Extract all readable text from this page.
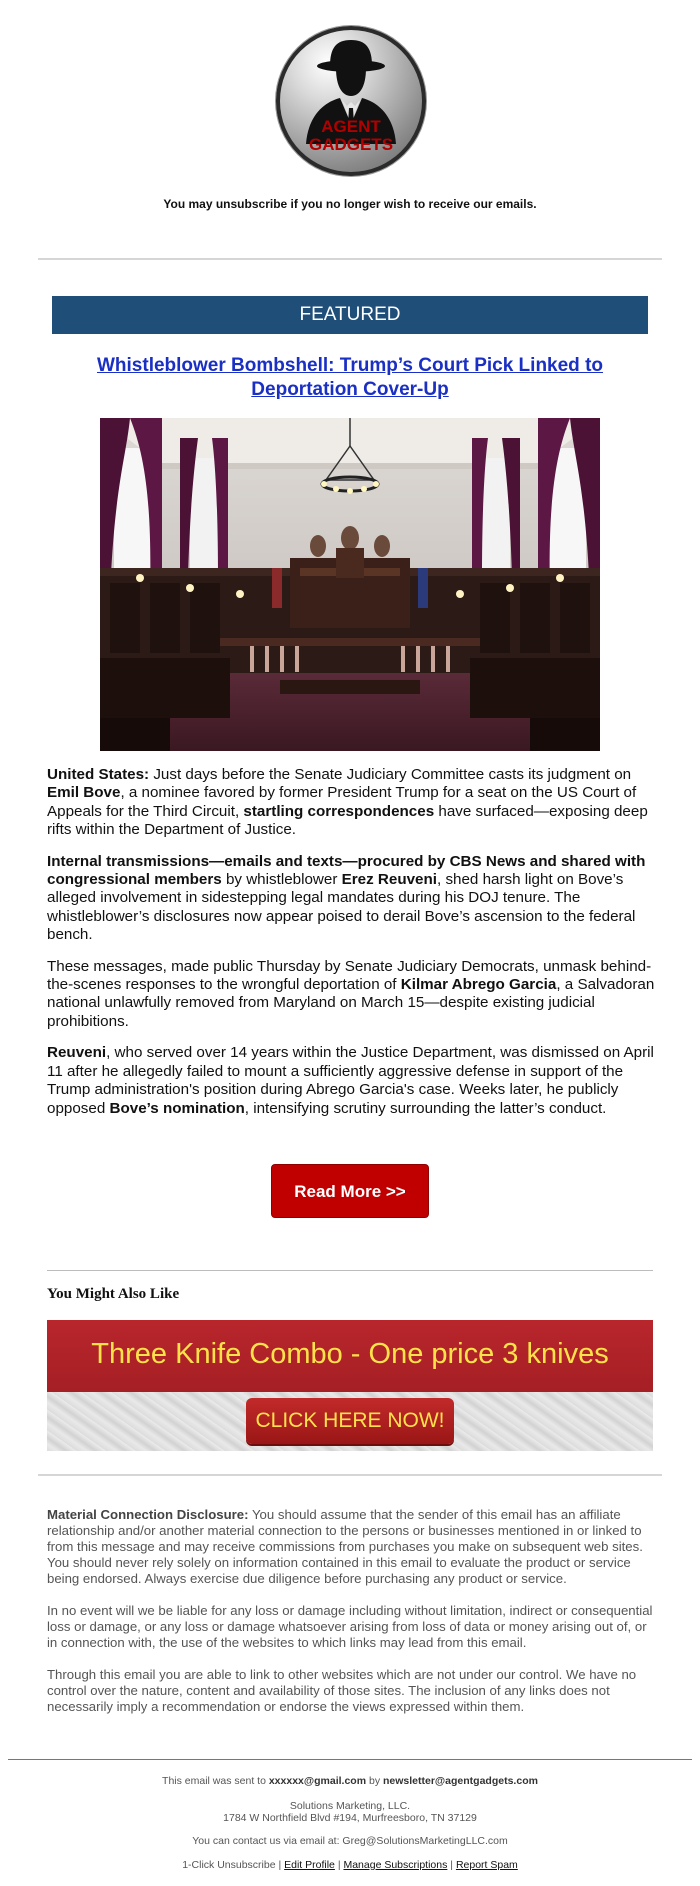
AGENT
GADGETS
You may unsubscribe if you no longer wish to receive our emails.
FEATURED
Whistleblower Bombshell: Trump’s Court Pick Linked to Deportation Cover-Up

United States: Just days before the Senate Judiciary Committee casts its judgment on Emil Bove, a nominee favored by former President Trump for a seat on the US Court of Appeals for the Third Circuit, startling correspondences have surfaced—exposing deep rifts within the Department of Justice.

Internal transmissions—emails and texts—procured by CBS News and shared with congressional members by whistleblower Erez Reuveni, shed harsh light on Bove’s alleged involvement in sidestepping legal mandates during his DOJ tenure. The whistleblower’s disclosures now appear poised to derail Bove’s ascension to the federal bench.

These messages, made public Thursday by Senate Judiciary Democrats, unmask behind-the-scenes responses to the wrongful deportation of Kilmar Abrego Garcia, a Salvadoran national unlawfully removed from Maryland on March 15—despite existing judicial prohibitions.

Reuveni, who served over 14 years within the Justice Department, was dismissed on April 11 after he allegedly failed to mount a sufficiently aggressive defense in support of the Trump administration's position during Abrego Garcia's case. Weeks later, he publicly opposed Bove’s nomination, intensifying scrutiny surrounding the latter’s conduct.

Read More >>
You Might Also Like
Three Knife Combo - One price 3 knives
CLICK HERE NOW!

Material Connection Disclosure: You should assume that the sender of this email has an affiliate relationship and/or another material connection to the persons or businesses mentioned in or linked to from this message and may receive commissions from purchases you make on subsequent web sites. You should never rely solely on information contained in this email to evaluate the product or service being endorsed. Always exercise due diligence before purchasing any product or service.

In no event will we be liable for any loss or damage including without limitation, indirect or consequential loss or damage, or any loss or damage whatsoever arising from loss of data or money arising out of, or in connection with, the use of the websites to which links may lead from this email.

Through this email you are able to link to other websites which are not under our control. We have no control over the nature, content and availability of those sites. The inclusion of any links does not necessarily imply a recommendation or endorse the views expressed within them.

This email was sent to xxxxxx@gmail.com by newsletter@agentgadgets.com
Solutions Marketing, LLC.
1784 W Northfield Blvd #194, Murfreesboro, TN 37129
You can contact us via email at: Greg@SolutionsMarketingLLC.com
1-Click Unsubscribe | Edit Profile | Manage Subscriptions | Report Spam
